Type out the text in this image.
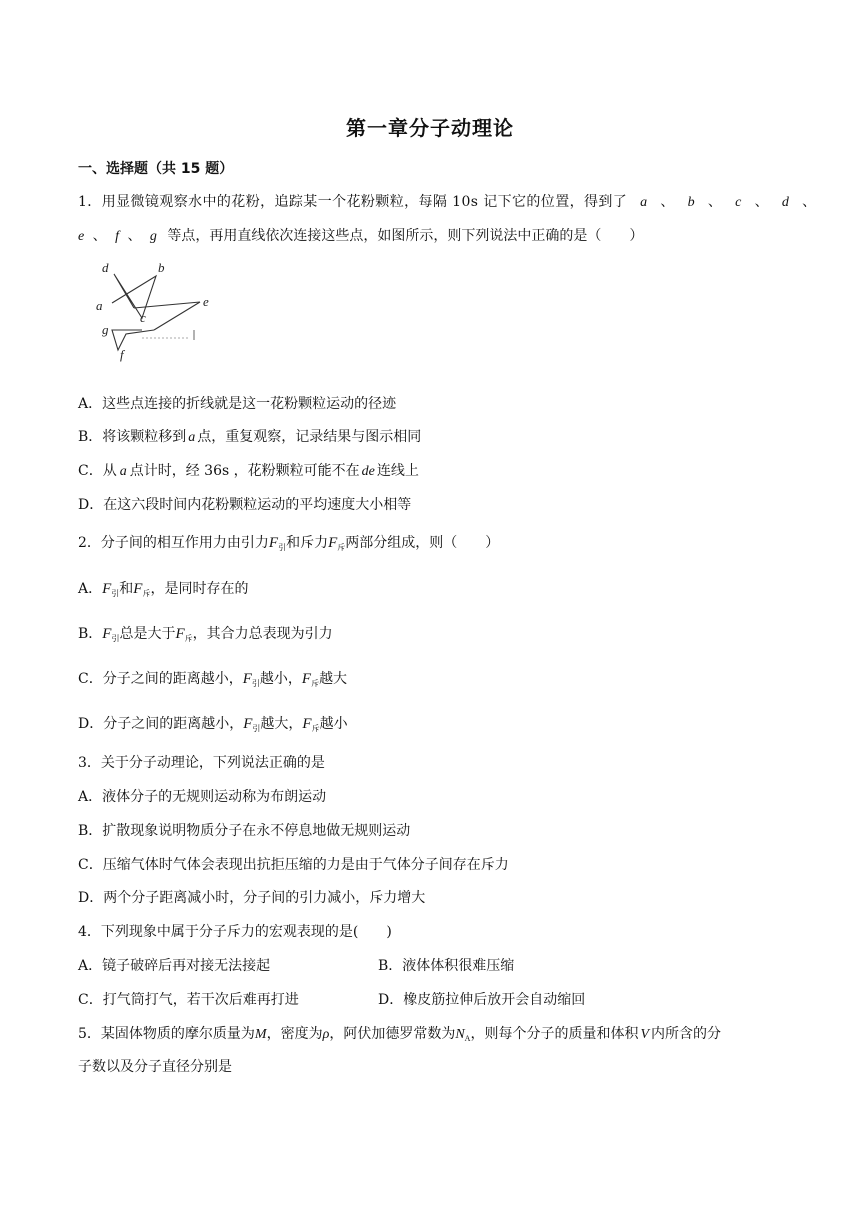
第一章分子动理论
一、选择题（共 15 题）
1．用显微镜观察水中的花粉，追踪某一个花粉颗粒，每隔 10s 记下它的位置，得到了 a 、 b 、 c 、 d 、
e 、 f 、 g 等点，再用直线依次连接这些点，如图所示，则下列说法中正确的是（　　）
d	b
a
c
e
g
f
A．这些点连接的折线就是这一花粉颗粒运动的径迹
B．将该颗粒移到 a 点，重复观察，记录结果与图示相同
C．从 a 点计时，经 36s ，花粉颗粒可能不在 de 连线上
D．在这六段时间内花粉颗粒运动的平均速度大小相等
2．分子间的相互作用力由引力$F_引$和斥力$F_斥$两部分组成，则（　　）
A．$F_引$和$F_斥$，是同时存在的
B．$F_引$总是大于$F_斥$，其合力总表现为引力
C．分子之间的距离越小，$F_引$越小，$F_斥$越大
D．分子之间的距离越小，$F_引$越大，$F_斥$越小
3．关于分子动理论，下列说法正确的是
A．液体分子的无规则运动称为布朗运动
B．扩散现象说明物质分子在永不停息地做无规则运动
C．压缩气体时气体会表现出抗拒压缩的力是由于气体分子间存在斥力
D．两个分子距离减小时，分子间的引力减小，斥力增大
4．下列现象中属于分子斥力的宏观表现的是(　　)
A．镜子破碎后再对接无法接起	B．液体体积很难压缩
C．打气筒打气，若干次后难再打进	D．橡皮筋拉伸后放开会自动缩回
5．某固体物质的摩尔质量为M，密度为ρ，阿伏加德罗常数为$N_A$，则每个分子的质量和体积 V 内所含的分
子数以及分子直径分别是
